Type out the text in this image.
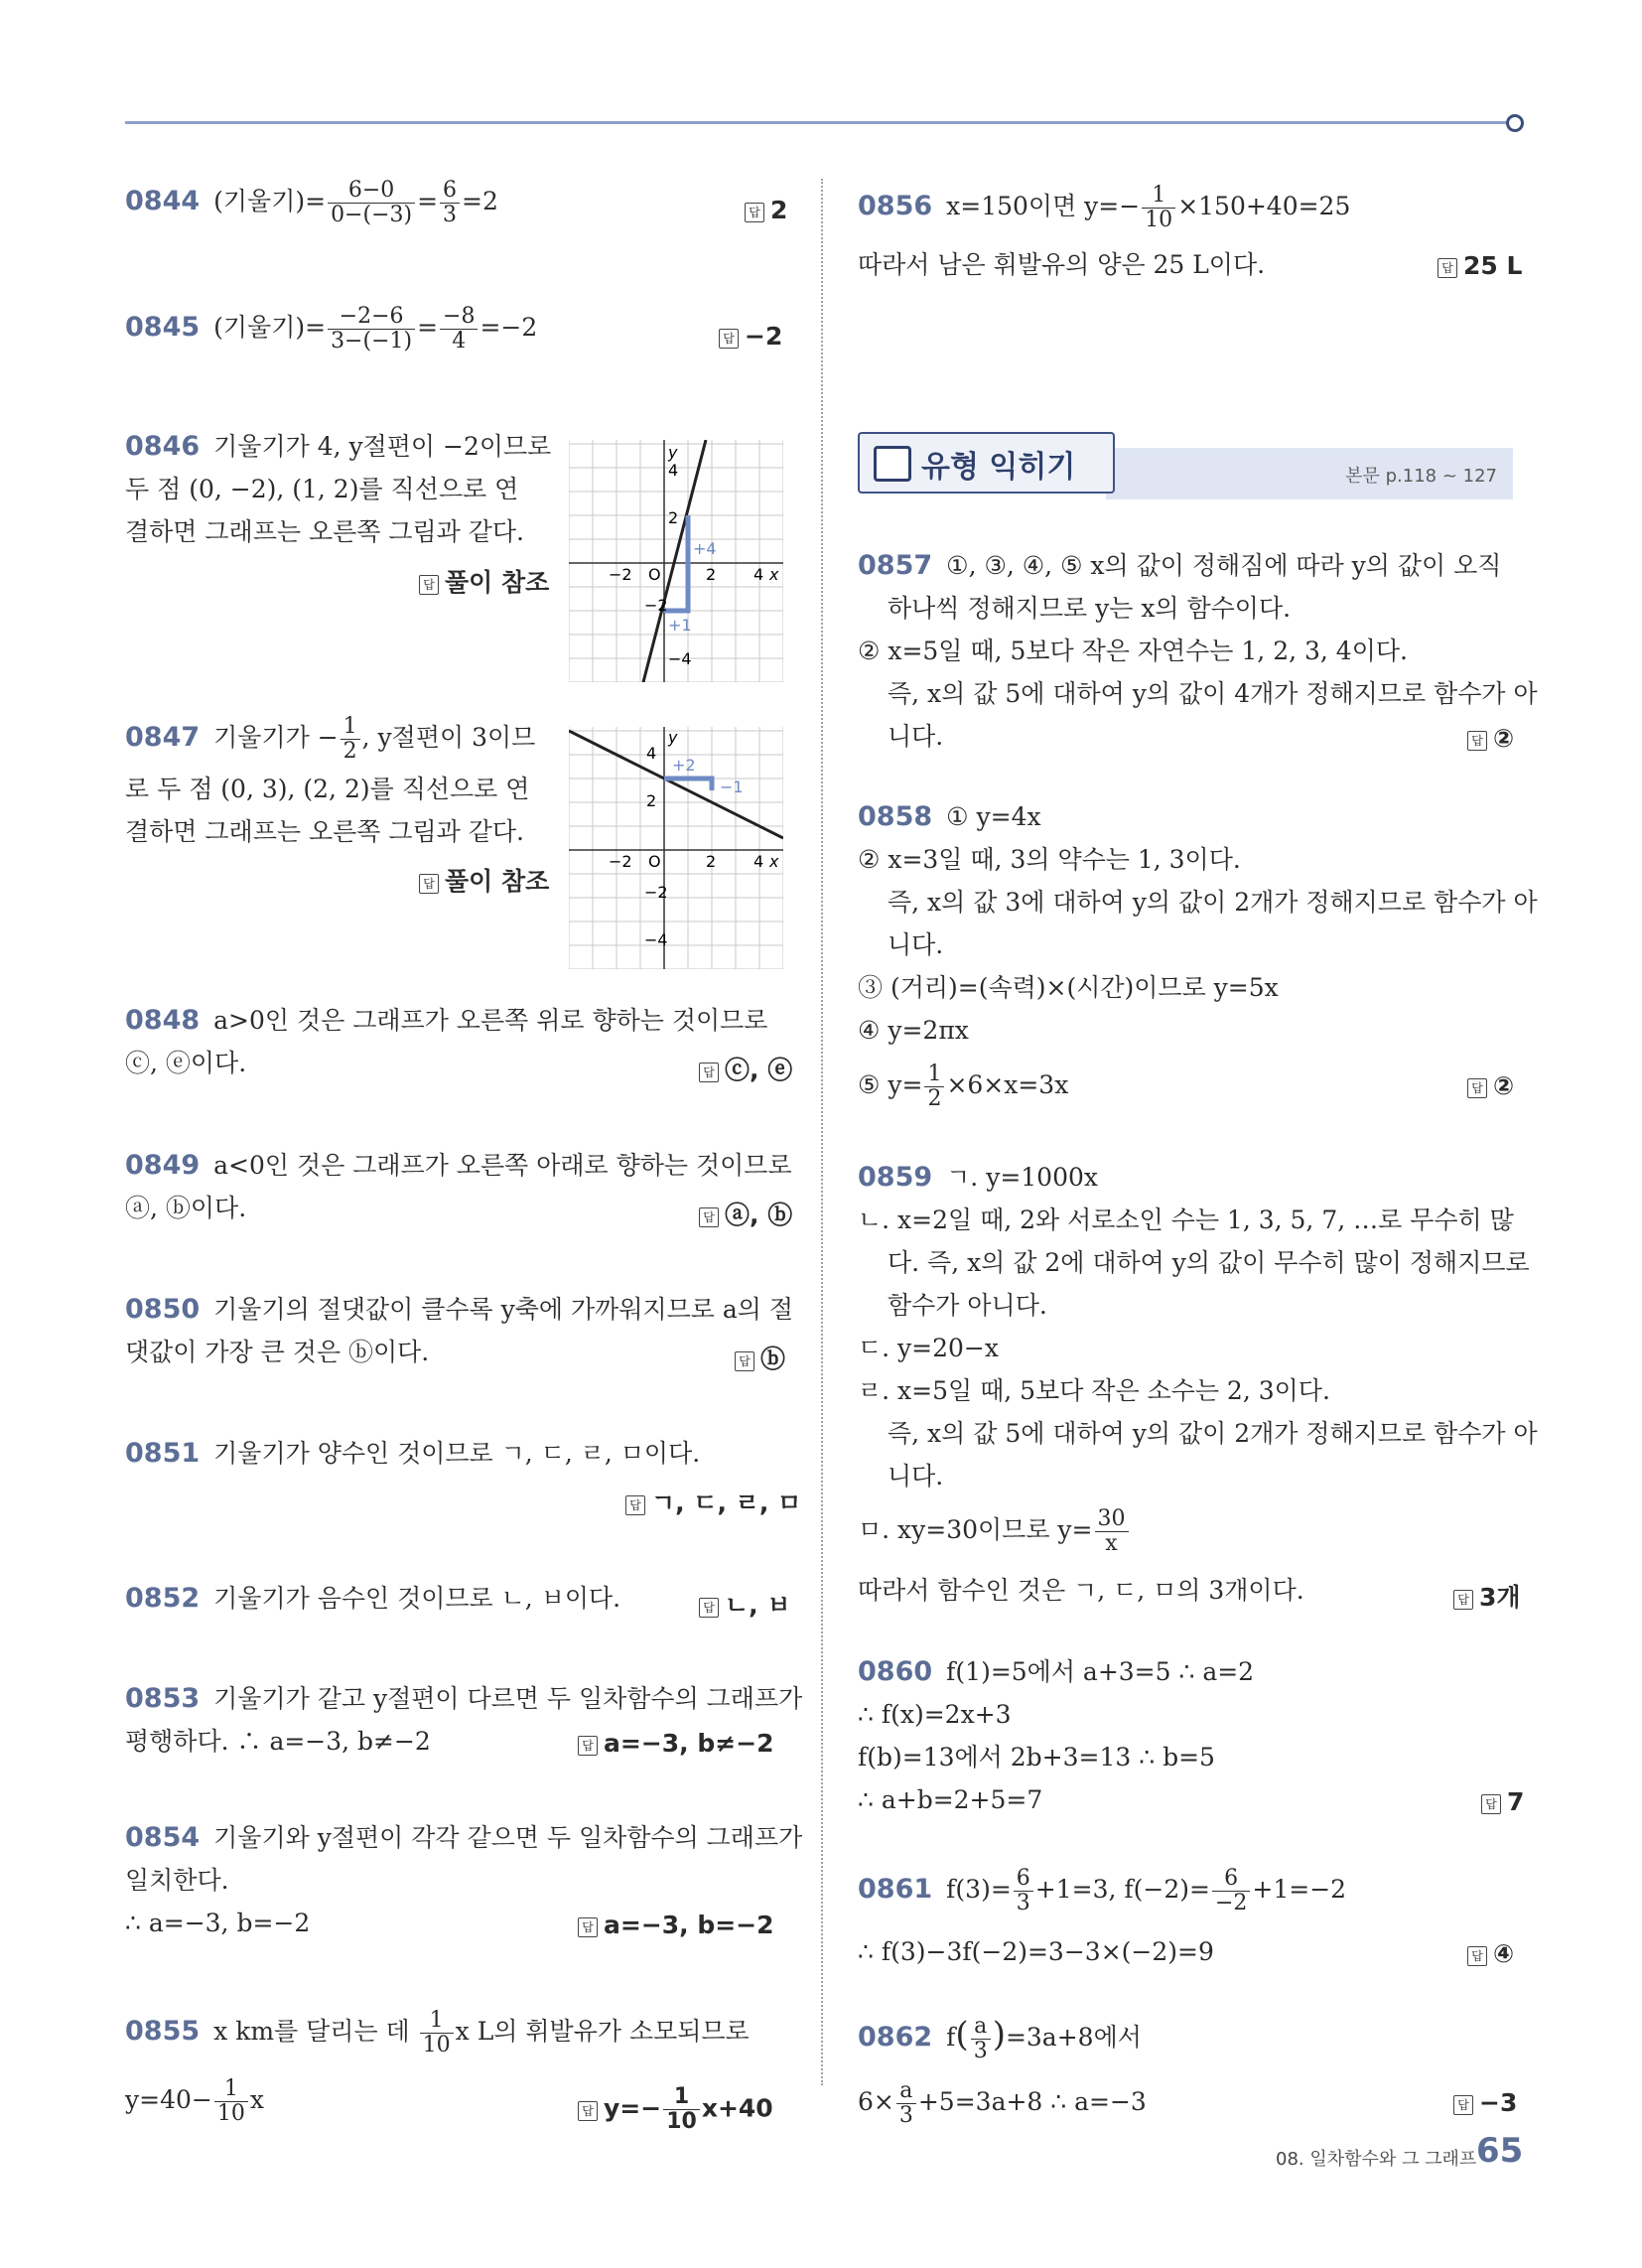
0844 (기울기)= $\frac{6-0}{0-(-3)} = \frac{6}{3} =2$	답 2
0845 (기울기)= $\frac{-2-6}{3-(-1)} = \frac{-8}{4} =-2$	답 −2
0846 기울기가 4, y절편이 −2이므로
두 점 (0, −2), (1, 2)를 직선으로 연
결하면 그래프는 오른쪽 그림과 같다.
답 풀이 참조
4
2
y
O
−2	2 4 x
−2
−4
+4
+1
0847 기울기가 − $\frac{1}{2}$ , y절편이 3이므
로 두 점 (0, 3), (2, 2)를 직선으로 연
결하면 그래프는 오른쪽 그림과 같다.
답 풀이 참조
y
4
2
+2
−1
O
−2	2 4 x
−2
−4
0848 a>0인 것은 그래프가 오른쪽 위로 향하는 것이므로
ⓒ, ⓔ이다.	답 ⓒ, ⓔ
0849 a<0인 것은 그래프가 오른쪽 아래로 향하는 것이므로
ⓐ, ⓑ이다.	답 ⓐ, ⓑ
0850 기울기의 절댓값이 클수록 y축에 가까워지므로 a의 절
댓값이 가장 큰 것은 ⓑ이다.	답 ⓑ
0851 기울기가 양수인 것이므로 ㄱ, ㄷ, ㄹ, ㅁ이다.
답 ㄱ, ㄷ, ㄹ, ㅁ
0852 기울기가 음수인 것이므로 ㄴ, ㅂ이다.	답 ㄴ, ㅂ
0853 기울기가 같고 y절편이 다르면 두 일차함수의 그래프가
평행하다. ∴ a=−3, b≠−2	답 a=−3, b≠−2
0854 기울기와 y절편이 각각 같으면 두 일차함수의 그래프가
일치한다.
∴ a=−3, b=−2	답 a=−3, b=−2
0855 x km를 달리는 데 $\frac{1}{10}$ x L의 휘발유가 소모되므로
$y=40- \frac{1}{10}$ x	답 $y=- \frac{1}{10} x+40$
0856 x=150이면 $y=- \frac{1}{10} \times 150+40=25$
따라서 남은 휘발유의 양은 25 L이다.	답 25 L
유형 익히기	본문 p.118 ~ 127
0857 ①, ③, ④, ⑤ x의 값이 정해짐에 따라 y의 값이 오직
하나씩 정해지므로 y는 x의 함수이다.
② x=5일 때, 5보다 작은 자연수는 1, 2, 3, 4이다.
즉, x의 값 5에 대하여 y의 값이 4개가 정해지므로 함수가 아
니다.	답 ②
0858 ① y=4x
② x=3일 때, 3의 약수는 1, 3이다.
즉, x의 값 3에 대하여 y의 값이 2개가 정해지므로 함수가 아
니다.
③ (거리)=(속력)×(시간)이므로 y=5x
④ y=2πx
⑤ $y= \frac{1}{2} \times 6\times x=3x$	답 ②
0859 ㄱ. y=1000x
ㄴ. x=2일 때, 2와 서로소인 수는 1, 3, 5, 7, …로 무수히 많
다. 즉, x의 값 2에 대하여 y의 값이 무수히 많이 정해지므로
함수가 아니다.
ㄷ. y=20−x
ㄹ. x=5일 때, 5보다 작은 소수는 2, 3이다.
즉, x의 값 5에 대하여 y의 값이 2개가 정해지므로 함수가 아
니다.
ㅁ. xy=30이므로 $y= \frac{30}{x}$
따라서 함수인 것은 ㄱ, ㄷ, ㅁ의 3개이다.	답 3개
0860 f(1)=5에서 a+3=5 ∴ a=2
∴ f(x)=2x+3
f(b)=13에서 2b+3=13 ∴ b=5
∴ a+b=2+5=7	답 7
0861 $f(3)= \frac{6}{3} +1=3$, $f(-2)= \frac{6}{-2} +1=-2$
∴ f(3)−3f(−2)=3−3×(−2)=9	답 ④
0862 $f( \frac{a}{3} )=3a+8$에서
$6\times \frac{a}{3} +5=3a+8$ ∴ a=−3	답 −3
08. 일차함수와 그 그래프 65
